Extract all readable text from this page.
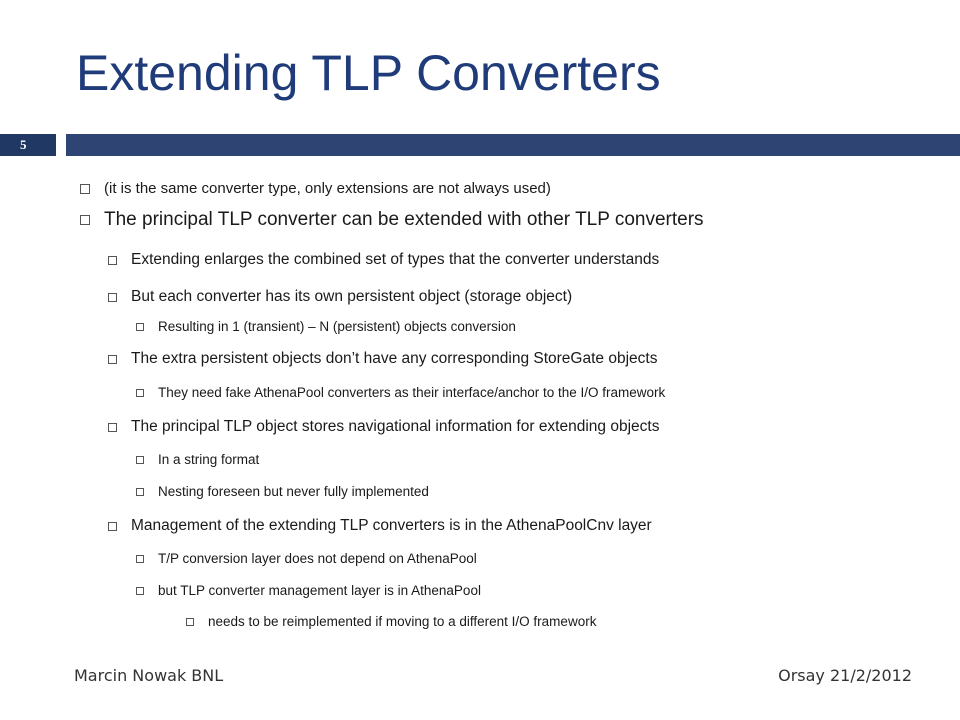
Extending TLP Converters
5
(it is the same converter type, only extensions are not always used)
The principal TLP converter can be extended with other TLP converters
Extending enlarges the combined set of types that the converter understands
But each converter has its own persistent object (storage object)
Resulting in 1 (transient) – N (persistent) objects conversion
The extra persistent objects don’t have any corresponding StoreGate objects
They need fake AthenaPool converters as their interface/anchor to the I/O framework
The principal TLP object stores navigational information for extending objects
In a string format
Nesting foreseen but never fully implemented
Management of the extending TLP converters is in the AthenaPoolCnv layer
T/P conversion layer does not depend on AthenaPool
but TLP converter management layer is in AthenaPool
needs to be reimplemented if moving to a different I/O framework
Marcin Nowak BNL	Orsay 21/2/2012
